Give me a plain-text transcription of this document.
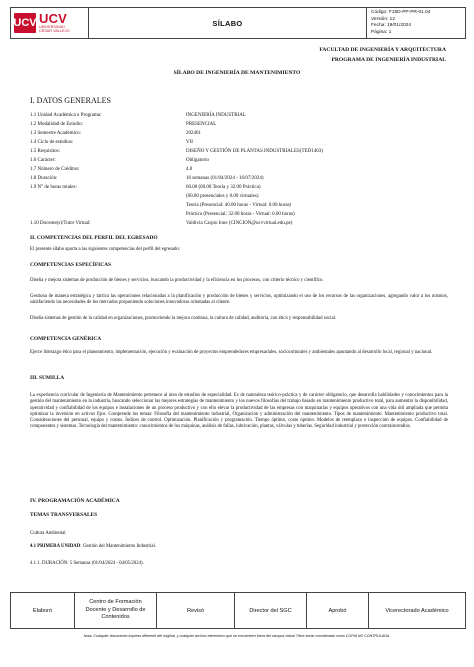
UCV UCV
UNIVERSIDAD
CÉSAR VALLEJO
SÍLABO
Código: F15D-PP-PR-01.04
Versión: 12
Fecha: 19/01/2024
Página: 1
FACULTAD DE INGENIERÍA Y ARQUITECTURA
PROGRAMA DE INGENIERÍA INDUSTRIAL
SÍLABO DE INGENIERÍA DE MANTENIMIENTO
I. DATOS GENERALES
1.1 Unidad Académica o Programa:	INGENIERÍA INDUSTRIAL
1.2 Modalidad de Estudio:	PRESENCIAL
1.3 Semestre Académico:	202401
1.4 Ciclo de estudios:	VII
1.5 Requisitos:	DISEÑO Y GESTIÓN DE PLANTAS INDUSTRIALES(TED1403)
1.6 Carácter:	Obligatorio
1.7 Número de Créditos:	4.0
1.8 Duración:	16 semanas (01/04/2024 - 16/07/2024)
1.9 N° de horas totales:	60.00 (60.00 Teoría y 32.00 Práctica)
(60.00 presenciales y 0.00 virtuales)
Teoría (Presencial: 40.00 horas - Virtual: 0.00 horas)
Práctica (Presencial: 32.00 horas - Virtual: 0.00 horas)
1.10 Docente(s)/Tutor Virtual:	Valdivia Carpio Ione (CINCION@ucvvirtual.edu.pe)
II. COMPETENCIAS DEL PERFIL DEL EGRESADO
El presente sílabo aporta a las siguientes competencias del perfil del egresado:
COMPETENCIAS ESPECÍFICAS
Diseña y mejora sistemas de producción de bienes y servicios, buscando la productividad y la eficiencia en los procesos, con criterio técnico y científico.
Gestiona de manera estratégica y táctica las operaciones relacionadas a la planificación y producción de bienes y servicios, optimizando el uso de los recursos de las organizaciones, agregando valor a los mismos, satisfaciendo las necesidades de los mercados proponiendo soluciones innovadoras orientadas al cliente.
Diseña sistemas de gestión de la calidad en organizaciones, promoviendo la mejora continua, la cultura de calidad, auditoría, con ética y responsabilidad social.
COMPETENCIA GENÉRICA
Ejerce liderazgo ético para el planeamiento, implementación, ejecución y evaluación de proyectos emprendedores empresariales, socioculturales y ambientales apuntando al desarrollo local, regional y nacional.
III. SUMILLA
La experiencia curricular de Ingeniería de Mantenimiento pertenece al área de estudios de especialidad. Es de naturaleza teórico-práctica y de carácter obligatorio, que desarrolla habilidades y conocimientos para la gestión del mantenimiento en la industria, buscando seleccionar las mejores estrategias de mantenimiento y los nuevos filosofías del trabajo basado en mantenimiento productivo total, para aumentar la disponibilidad, operatividad y confiabilidad de los equipos e instalaciones de un proceso productivo y con ello elevar la productividad de las empresas con maquinarias y equipos operativos con una vida útil ampliada que permita optimizar la inversión en activos fijos. Comprende los temas: Filosofía del mantenimiento industrial, Organización y administración del mantenimiento. Tipos de mantenimiento. Mantenimiento productivo total. Consideraciones del personal, equipo y costos. Índices de control. Optimización. Planificación y programación. Tiempo óptimo, costo óptimo. Modelos de reemplazo e inspección de equipos. Confiabilidad de componentes y sistemas. Tecnología del mantenimiento: conocimientos de los máquinas, análisis de fallas, lubricación, plantas, válvulas y tuberías. Seguridad industrial y protección contraincendios.
IV. PROGRAMACIÓN ACADÉMICA
TEMAS TRANSVERSALES
Cultura Ambiental
4.1 PRIMERA UNIDAD: Gestión del Mantenimiento Industrial.
4.1.1. DURACIÓN: 5 Semanas (01/04/2024 - 04/05/2024).
Elaboró
Centro de Formación Docente y Desarrollo de Contenidos
Revisó	Director del SGC	Aprobó	Vicerectorado Académico
Nota: Cualquier documento impreso diferente del original, y cualquier archivo electrónico que se encuentren fuera del campus virtual Trilce serán considerado como COPIA NO CONTROLADA.
